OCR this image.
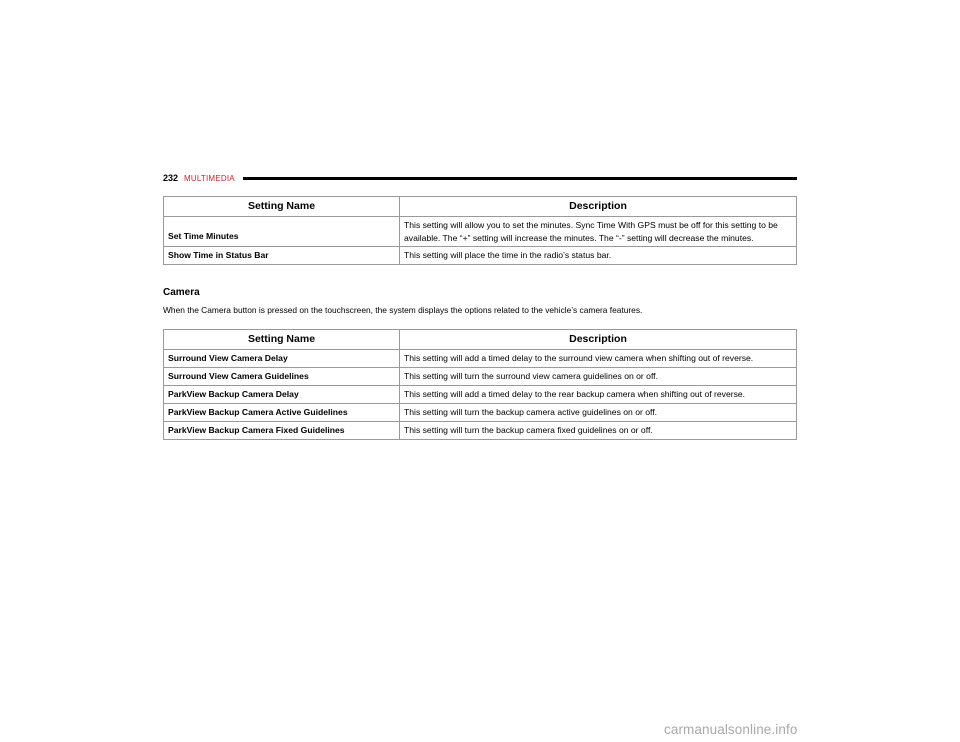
232 MULTIMEDIA
Setting Name	Description
Set Time Minutes	This setting will allow you to set the minutes. Sync Time With GPS must be off for this setting to be available. The “+” setting will increase the minutes. The “-” setting will decrease the minutes.
Show Time in Status Bar	This setting will place the time in the radio’s status bar.
Camera
When the Camera button is pressed on the touchscreen, the system displays the options related to the vehicle’s camera features.
Setting Name	Description
Surround View Camera Delay	This setting will add a timed delay to the surround view camera when shifting out of reverse.
Surround View Camera Guidelines	This setting will turn the surround view camera guidelines on or off.
ParkView Backup Camera Delay	This setting will add a timed delay to the rear backup camera when shifting out of reverse.
ParkView Backup Camera Active Guidelines	This setting will turn the backup camera active guidelines on or off.
ParkView Backup Camera Fixed Guidelines	This setting will turn the backup camera fixed guidelines on or off.
carmanualsonline.info
